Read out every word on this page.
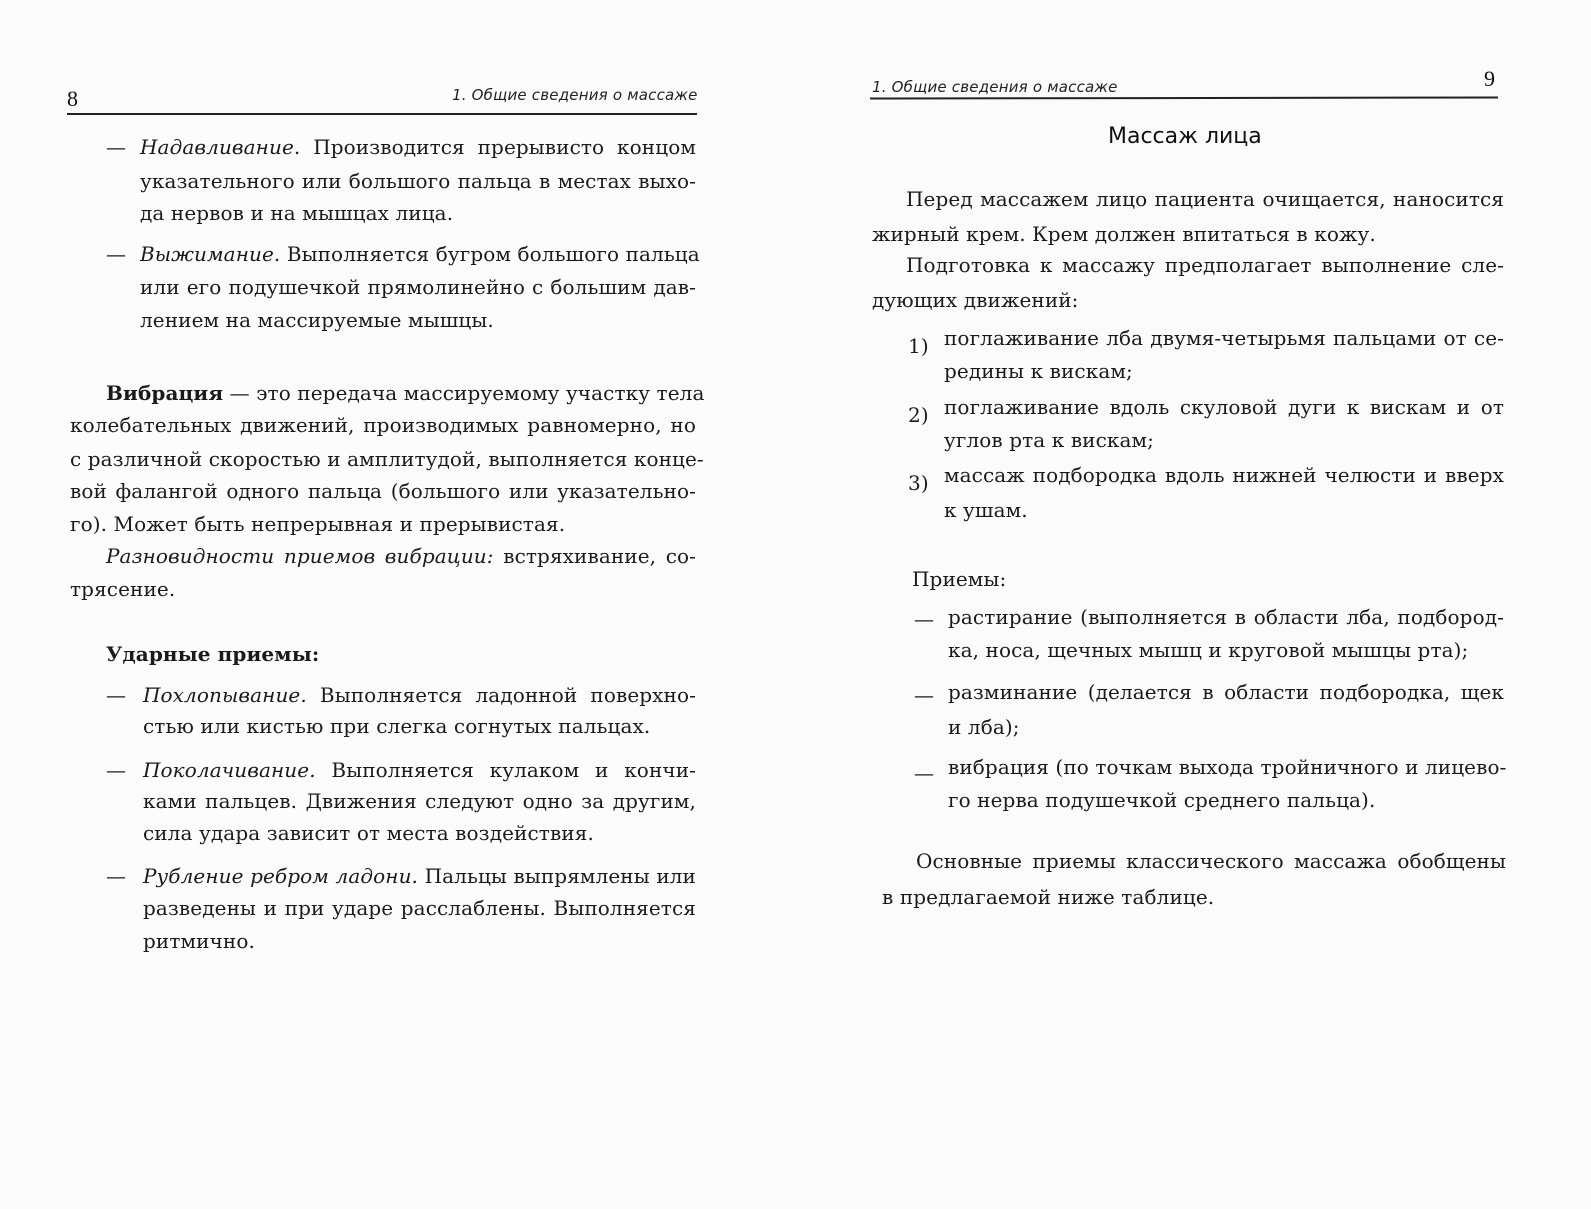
8	1. Общие сведения о массаже
— Надавливание. Производится прерывисто концом
указательного или большого пальца в местах выхо-
да нервов и на мышцах лица.
— Выжимание. Выполняется бугром большого пальца
или его подушечкой прямолинейно с большим дав-
лением на массируемые мышцы.
Вибрация — это передача массируемому участку тела
колебательных движений, производимых равномерно, но
с различной скоростью и амплитудой, выполняется конце-
вой фалангой одного пальца (большого или указательно-
го). Может быть непрерывная и прерывистая.
Разновидности приемов вибрации: встряхивание, со-
трясение.
Ударные приемы:
— Похлопывание. Выполняется ладонной поверхно-
стью или кистью при слегка согнутых пальцах.
— Поколачивание. Выполняется кулаком и кончи-
ками пальцев. Движения следуют одно за другим,
сила удара зависит от места воздействия.
— Рубление ребром ладони. Пальцы выпрямлены или
разведены и при ударе расслаблены. Выполняется
ритмично.
1. Общие сведения о массаже	9
Массаж лица
Перед массажем лицо пациента очищается, наносится
жирный крем. Крем должен впитаться в кожу.
Подготовка к массажу предполагает выполнение сле-
дующих движений:
1) поглаживание лба двумя-четырьмя пальцами от се-
редины к вискам;
2) поглаживание вдоль скуловой дуги к вискам и от
углов рта к вискам;
3) массаж подбородка вдоль нижней челюсти и вверх
к ушам.
Приемы:
— растирание (выполняется в области лба, подбород-
ка, носа, щечных мышц и круговой мышцы рта);
— разминание (делается в области подбородка, щек
и лба);
— вибрация (по точкам выхода тройничного и лицево-
го нерва подушечкой среднего пальца).
Основные приемы классического массажа обобщены
в предлагаемой ниже таблице.
